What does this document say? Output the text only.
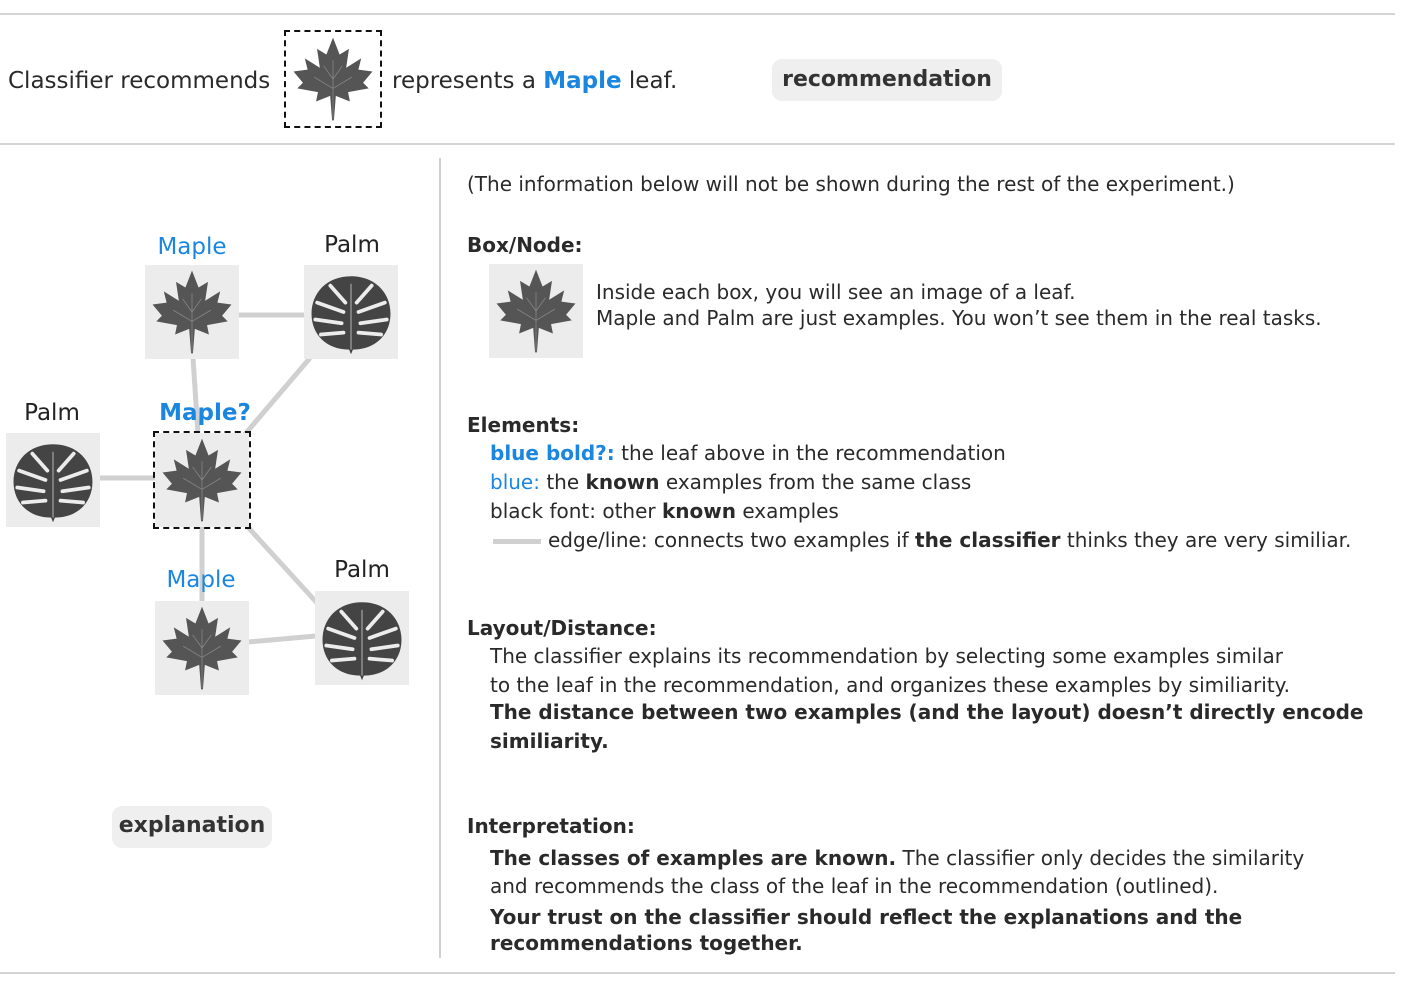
Classifier recommends	represents a Maple leaf.	recommendation
Maple	Palm
Palm	Maple?
Maple	Palm
explanation
(The information below will not be shown during the rest of the experiment.)
Box/Node:
Inside each box, you will see an image of a leaf.
Maple and Palm are just examples. You won’t see them in the real tasks.
Elements:
blue bold?: the leaf above in the recommendation
blue: the known examples from the same class
black font: other known examples
edge/line: connects two examples if the classifier thinks they are very similiar.
Layout/Distance:
The classifier explains its recommendation by selecting some examples similar
to the leaf in the recommendation, and organizes these examples by similiarity.
The distance between two examples (and the layout) doesn’t directly encode
similiarity.
Interpretation:
The classes of examples are known. The classifier only decides the similarity
and recommends the class of the leaf in the recommendation (outlined).
Your trust on the classifier should reflect the explanations and the
recommendations together.
